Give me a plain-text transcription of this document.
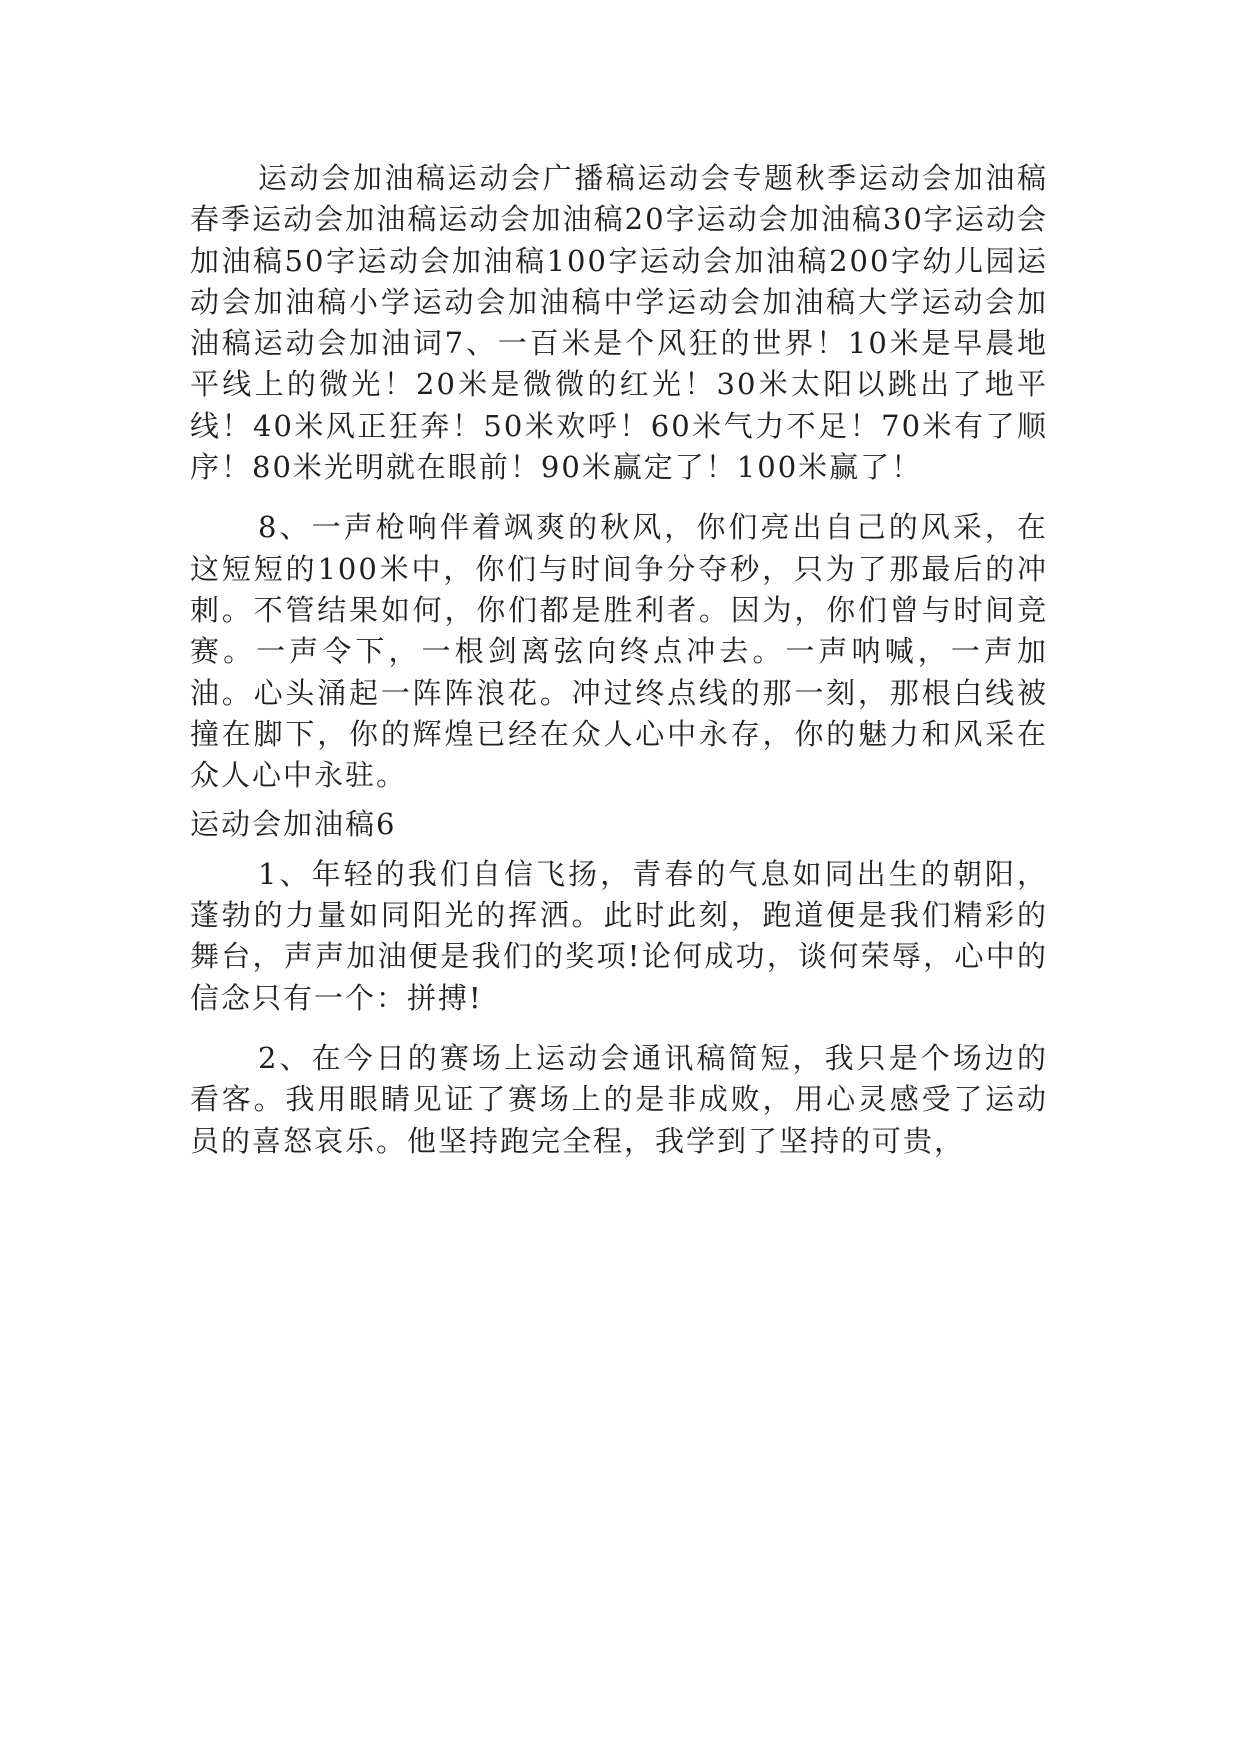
运动会加油稿运动会广播稿运动会专题秋季运动会加油稿春季运动会加油稿运动会加油稿20字运动会加油稿30字运动会加油稿50字运动会加油稿100字运动会加油稿200字幼儿园运动会加油稿小学运动会加油稿中学运动会加油稿大学运动会加油稿运动会加油词7、一百米是个风狂的世界！10米是早晨地平线上的微光！20米是微微的红光！30米太阳以跳出了地平线！40米风正狂奔！50米欢呼！60米气力不足！70米有了顺序！80米光明就在眼前！90米赢定了！100米赢了！

8、一声枪响伴着飒爽的秋风，你们亮出自己的风采，在这短短的100米中，你们与时间争分夺秒，只为了那最后的冲刺。不管结果如何，你们都是胜利者。因为，你们曾与时间竞赛。一声令下，一根剑离弦向终点冲去。一声呐喊，一声加油。心头涌起一阵阵浪花。冲过终点线的那一刻，那根白线被撞在脚下，你的辉煌已经在众人心中永存，你的魅力和风采在众人心中永驻。

运动会加油稿6

1、年轻的我们自信飞扬，青春的气息如同出生的朝阳，蓬勃的力量如同阳光的挥洒。此时此刻，跑道便是我们精彩的舞台，声声加油便是我们的奖项!论何成功，谈何荣辱，心中的信念只有一个：拼搏!

2、在今日的赛场上运动会通讯稿简短，我只是个场边的看客。我用眼睛见证了赛场上的是非成败，用心灵感受了运动员的喜怒哀乐。他坚持跑完全程，我学到了坚持的可贵，
